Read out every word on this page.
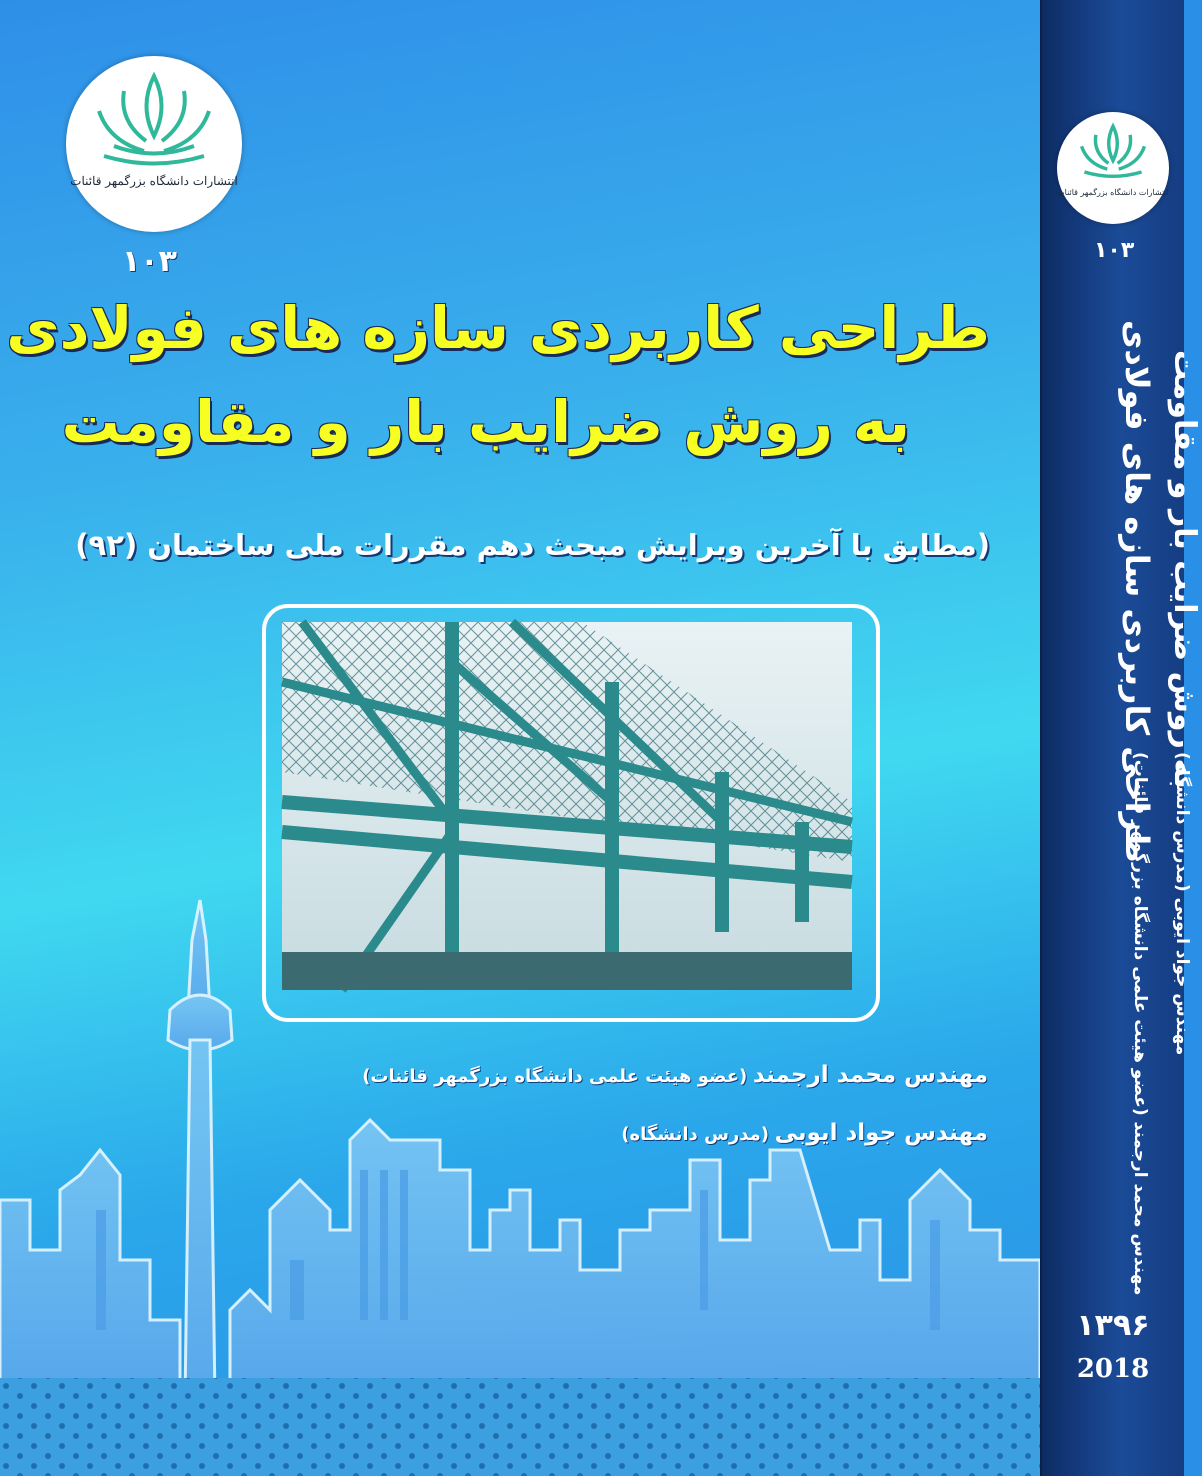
انتشارات دانشگاه بزرگمهر قائنات
۱۰۳
طراحی کاربردی سازه های فولادی
به روش ضرایب بار و مقاومت
(مطابق با آخرین ویرایش مبحث دهم مقررات ملی ساختمان (۹۲)
مهندس محمد ارجمند (عضو هیئت علمی دانشگاه بزرگمهر قائنات)
مهندس جواد ایوبی (مدرس دانشگاه)
انتشارات دانشگاه بزرگمهر قائنات
۱۰۳
طراحی کاربردی سازه های فولادی به روش ضرایب بار و مقاومت
مهندس محمد ارجمند (عضو هیئت علمی دانشگاه بزرگمهر قائنات) مهندس جواد ایوبی (مدرس دانشگاه)
۱۳۹۶
2018
